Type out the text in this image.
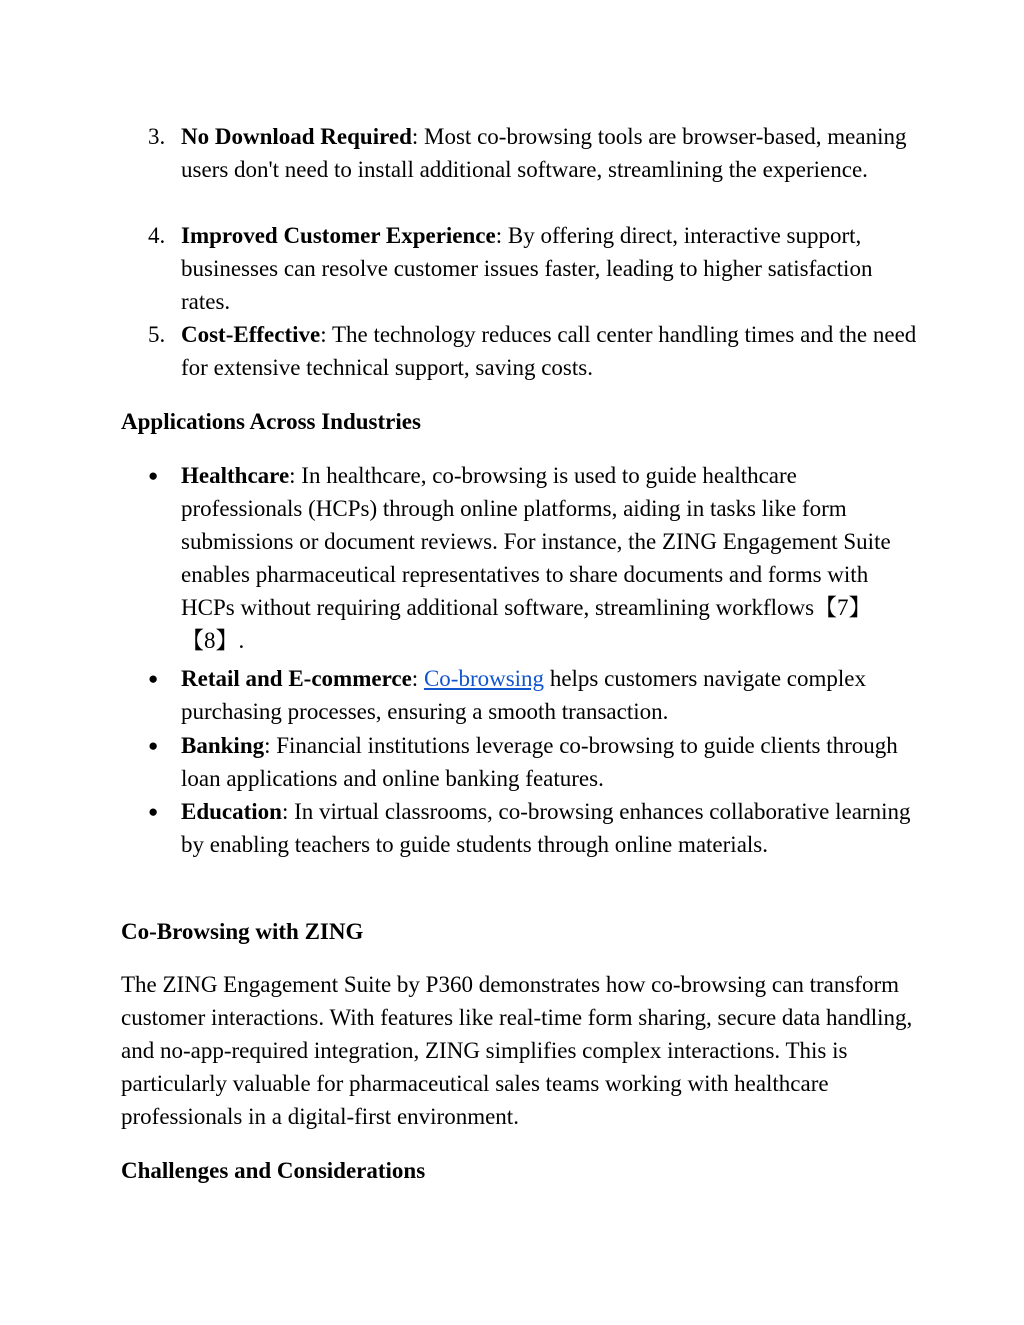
3. No Download Required: Most co-browsing tools are browser-based, meaning users don't need to install additional software, streamlining the experience.
4. Improved Customer Experience: By offering direct, interactive support, businesses can resolve customer issues faster, leading to higher satisfaction rates.
5. Cost-Effective: The technology reduces call center handling times and the need for extensive technical support, saving costs.
Applications Across Industries
● Healthcare: In healthcare, co-browsing is used to guide healthcare professionals (HCPs) through online platforms, aiding in tasks like form submissions or document reviews. For instance, the ZING Engagement Suite enables pharmaceutical representatives to share documents and forms with HCPs without requiring additional software, streamlining workflows【7】【8】.
● Retail and E-commerce: Co-browsing helps customers navigate complex purchasing processes, ensuring a smooth transaction.
● Banking: Financial institutions leverage co-browsing to guide clients through loan applications and online banking features.
● Education: In virtual classrooms, co-browsing enhances collaborative learning by enabling teachers to guide students through online materials.
Co-Browsing with ZING
The ZING Engagement Suite by P360 demonstrates how co-browsing can transform customer interactions. With features like real-time form sharing, secure data handling, and no-app-required integration, ZING simplifies complex interactions. This is particularly valuable for pharmaceutical sales teams working with healthcare professionals in a digital-first environment.
Challenges and Considerations
